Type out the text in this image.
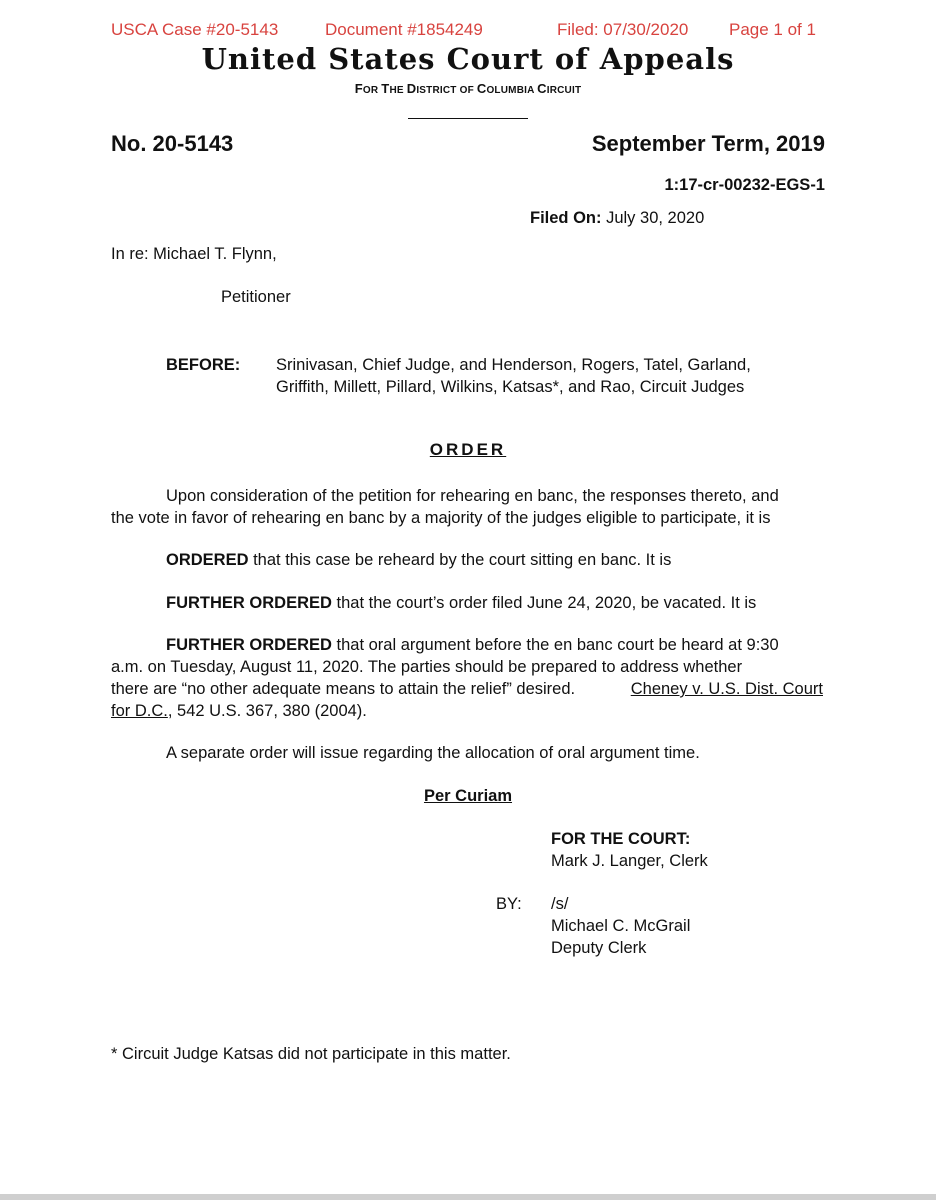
USCA Case #20-5143	Document #1854249	Filed: 07/30/2020 Page 1 of 1
United States Court of Appeals
FOR THE DISTRICT OF COLUMBIA CIRCUIT
No. 20-5143	September Term, 2019
1:17-cr-00232-EGS-1
Filed On: July 30, 2020
In re: Michael T. Flynn,
Petitioner
BEFORE: Srinivasan, Chief Judge, and Henderson, Rogers, Tatel, Garland,
Griffith, Millett, Pillard, Wilkins, Katsas*, and Rao, Circuit Judges
ORDER
Upon consideration of the petition for rehearing en banc, the responses thereto, and
the vote in favor of rehearing en banc by a majority of the judges eligible to participate, it is
ORDERED that this case be reheard by the court sitting en banc. It is
FURTHER ORDERED that the court’s order filed June 24, 2020, be vacated. It is
FURTHER ORDERED that oral argument before the en banc court be heard at 9:30
a.m. on Tuesday, August 11, 2020. The parties should be prepared to address whether
there are “no other adequate means to attain the relief” desired.	Cheney v. U.S. Dist. Court
for D.C., 542 U.S. 367, 380 (2004).
A separate order will issue regarding the allocation of oral argument time.
Per Curiam
FOR THE COURT:
Mark J. Langer, Clerk
BY: /s/
Michael C. McGrail
Deputy Clerk
* Circuit Judge Katsas did not participate in this matter.
